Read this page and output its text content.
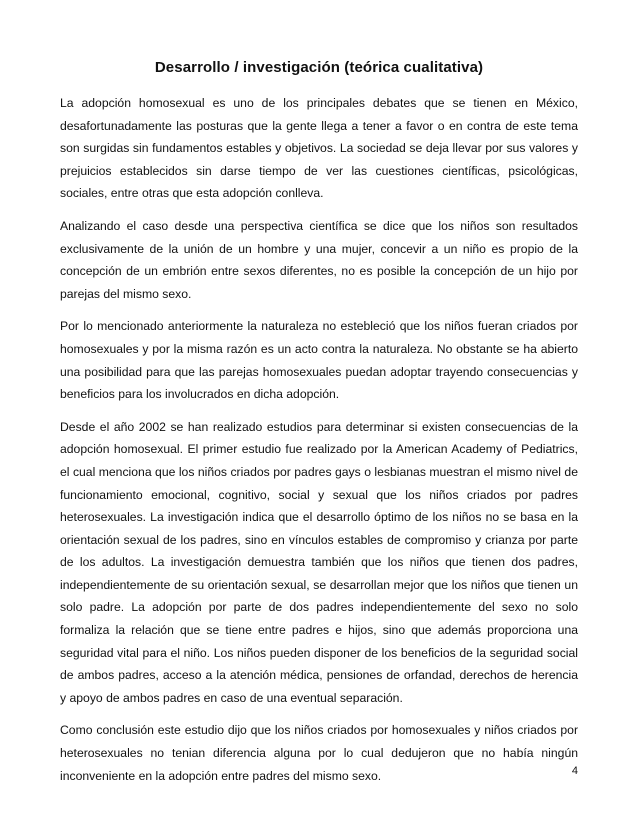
Desarrollo / investigación (teórica cualitativa)

La adopción homosexual es uno de los principales debates que se tienen en México, desafortunadamente las posturas que la gente llega a tener a favor o en contra de este tema son surgidas sin fundamentos estables y objetivos. La sociedad se deja llevar por sus valores y prejuicios establecidos sin darse tiempo de ver las cuestiones científicas, psicológicas, sociales, entre otras que esta adopción conlleva.

Analizando el caso desde una perspectiva científica se dice que los niños son resultados exclusivamente de la unión de un hombre y una mujer, concevir a un niño es propio de la concepción de un embrión entre sexos diferentes, no es posible la concepción de un hijo por parejas del mismo sexo.

Por lo mencionado anteriormente la naturaleza no estebleció que los niños fueran criados por homosexuales y por la misma razón es un acto contra la naturaleza. No obstante se ha abierto una posibilidad para que las parejas homosexuales puedan adoptar trayendo consecuencias y beneficios para los involucrados en dicha adopción.

Desde el año 2002 se han realizado estudios para determinar si existen consecuencias de la adopción homosexual. El primer estudio fue realizado por la American Academy of Pediatrics, el cual menciona que los niños criados por padres gays o lesbianas muestran el mismo nivel de funcionamiento emocional, cognitivo, social y sexual que los niños criados por padres heterosexuales. La investigación indica que el desarrollo óptimo de los niños no se basa en la orientación sexual de los padres, sino en vínculos estables de compromiso y crianza por parte de los adultos. La investigación demuestra también que los niños que tienen dos padres, independientemente de su orientación sexual, se desarrollan mejor que los niños que tienen un solo padre. La adopción por parte de dos padres independientemente del sexo no solo formaliza la relación que se tiene entre padres e hijos, sino que además proporciona una seguridad vital para el niño. Los niños pueden disponer de los beneficios de la seguridad social de ambos padres, acceso a la atención médica, pensiones de orfandad, derechos de herencia y apoyo de ambos padres en caso de una eventual separación.

Como conclusión este estudio dijo que los niños criados por homosexuales y niños criados por heterosexuales no tenian diferencia alguna por lo cual dedujeron que no había ningún inconveniente en la adopción entre padres del mismo sexo.	4
